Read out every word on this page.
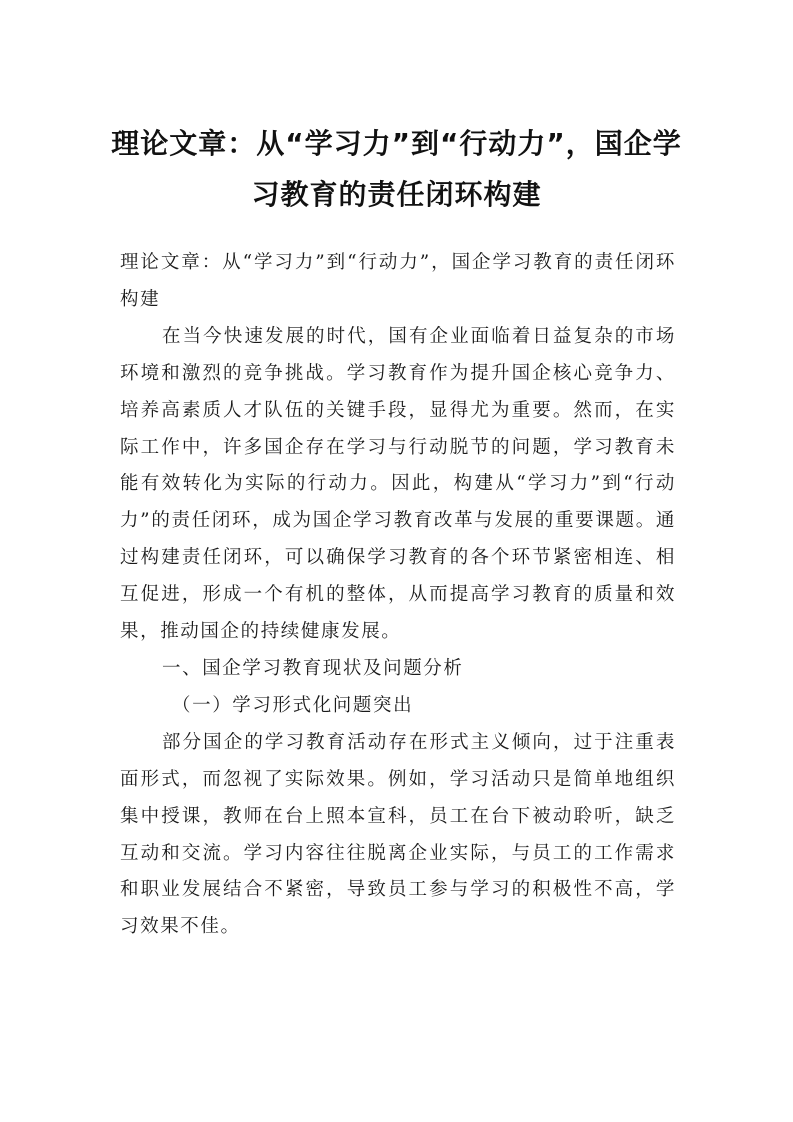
理论文章：从“学习力”到“行动力”，国企学习教育的责任闭环构建

理论文章：从“学习力”到“行动力”，国企学习教育的责任闭环构建

在当今快速发展的时代，国有企业面临着日益复杂的市场环境和激烈的竞争挑战。学习教育作为提升国企核心竞争力、培养高素质人才队伍的关键手段，显得尤为重要。然而，在实际工作中，许多国企存在学习与行动脱节的问题，学习教育未能有效转化为实际的行动力。因此，构建从“学习力”到“行动力”的责任闭环，成为国企学习教育改革与发展的重要课题。通过构建责任闭环，可以确保学习教育的各个环节紧密相连、相互促进，形成一个有机的整体，从而提高学习教育的质量和效果，推动国企的持续健康发展。

一、国企学习教育现状及问题分析

（一）学习形式化问题突出

部分国企的学习教育活动存在形式主义倾向，过于注重表面形式，而忽视了实际效果。例如，学习活动只是简单地组织集中授课，教师在台上照本宣科，员工在台下被动聆听，缺乏互动和交流。学习内容往往脱离企业实际，与员工的工作需求和职业发展结合不紧密，导致员工参与学习的积极性不高，学习效果不佳。
